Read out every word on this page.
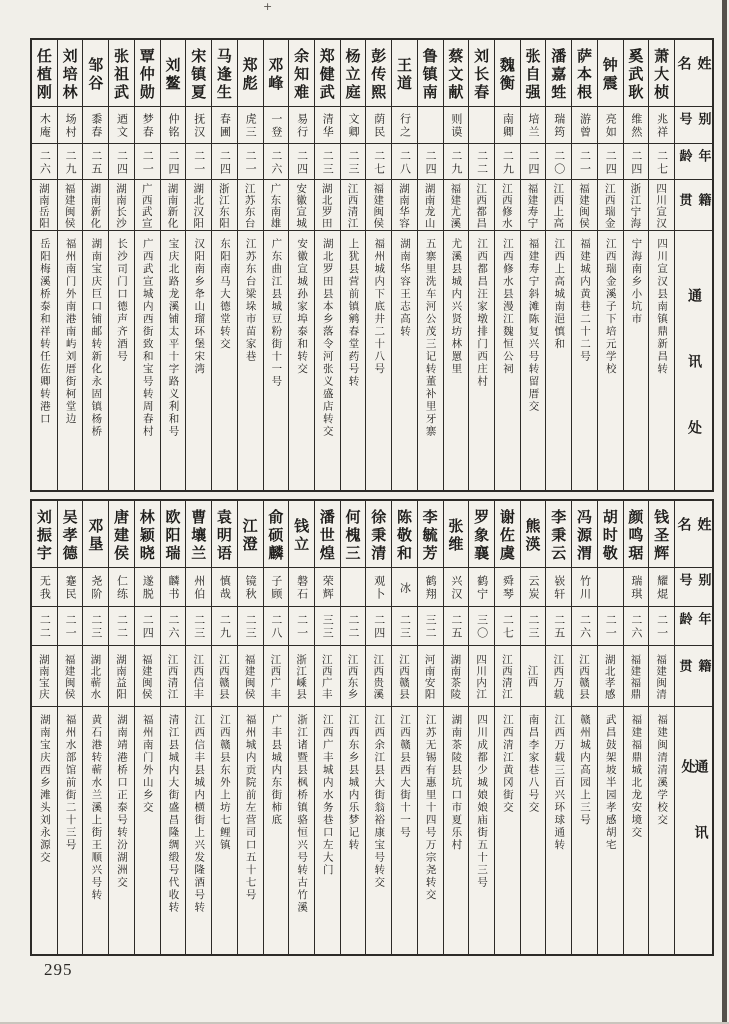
+
姓名
别号
年龄
籍贯
通讯处
萧大桢
兆祥
二七
四川宣汉
四川宣汉县南镇鼎新昌转
奚武耿
维然
二四
浙江宁海
宁海南乡小坑市
钟震
亮如
二四
江西瑞金
江西瑞金溪子下培元学校
萨本根
游曾
二一
福建闽侯
福建城内黄巷二十二号
潘嘉甡
瑞筠
二〇
江西上高
江西上高城南浥慎和
张自强
培兰
二四
福建寿宁
福建寿宁斜滩陈复兴号转留厝交
魏衡
南卿
二九
江西修水
江西修水县漫江魏恒公祠
刘长春
二二
江西都昌
江西都昌汪家墩排门西庄村
蔡文献
则谟
二九
福建尤溪
尤溪县城内兴贤坊林罳里
鲁镇南
二四
湖南龙山
五寨里洗车河公茂三记转董补里牙寨
王道
行之
二八
湖南华容
湖南华容王志高转
彭传熙
荫民
二七
福建闽侯
福州城内下底井二十八号
杨立庭
文卿
二三
江西清江
上犹县营前镇鹓春堂药号转
郑健武
清华
二三
湖北罗田
湖北罗田县本乡落令河张义盛店转交
余知难
易行
二四
安徽宣城
安徽宣城孙家埠泰和转交
邓峰
一登
二六
广东南雄
广东曲江县城豆粉街十一号
郑彪
虎三
二一
江苏东台
江苏东台梁垛市苗家巷
马逢生
春圃
二四
浙江东阳
东阳南马大德堂转交
宋镇夏
抚汉
二一
湖北汉阳
汉阳南乡夅山瑠环堡宋湾
刘鳌
仲铭
二四
湖南新化
宝庆北路龙溪铺太平十字路义利和号
覃仲勋
梦春
二一
广西武宣
广西武宣城内西街致和宝号转周春村
张祖武
迺文
二四
湖南长沙
长沙司门口德声齐酒号
邹谷
黍春
二五
湖南新化
湖南宝庆巨口铺邮转新化永固镇杨桥
刘培林
场村
二九
福建闽侯
福州南门外南港南屿刘厝街柯堂边
任植刚
木庵
二六
湖南岳阳
岳阳梅溪桥泰和祥转任佐卿转港口
姓名
别号
年龄
籍贯
通讯处
钱圣辉
耀焜
二一
福建闽清
福建闽清清溪学校交
颜鸣琚
瑞琪
二六
福建福鼎
福建福鼎城北龙安境交
胡时敬
二一
湖北孝感
武昌鼓架坡半园孝感胡宅
冯源渭
竹川
二六
江西赣县
赣州城内高园上三号
李秉云
嵚轩
二五
江西万载
江西万载三百兴环球通转
熊渶
云炭
二三
江西
南昌李家巷八号交
谢佐虞
舜琴
二七
江西清江
江西清江黄冈街交
罗象襄
鹤宁
三〇
四川内江
四川成都少城娘娘庙街五十三号
张维
兴汉
二五
湖南茶陵
湖南茶陵县坑口市夏乐村
李毓芳
鹤翔
三二
河南安阳
江苏无锡有惠里十四号万宗尧转交
陈敬和
冰
二三
江西赣县
江西赣县西大街十一号
徐秉清
观卜
二四
江西贵溪
江西余江县大街翁裕康宝号转交
何槐三
二二
江西东乡
江西东乡县城内乐梦记转
潘世煌
荣辉
三三
江西广丰
江西广丰城内水务巷口左大门
钱立
磐石
二一
浙江嵊县
浙江诸暨县枫桥镇骆恒兴号转古竹溪
俞硕麟
子顾
二八
江西广丰
广丰县城内东街柿底
江澄
镜秋
二三
福建闽侯
福州城内贡院前左营司口五十七号
袁明语
慎哉
二九
江西赣县
江西赣县东外上坊七鲤镇
曹壤兰
州伯
二三
江西信丰
江西信丰县城内横街上兴发隆酒号转
欧阳瑞
麟书
二六
江西清江
清江县城内大街盛昌隆绸缎号代收转
林颖晓
遂脱
二四
福建闽侯
福州南门外山乡交
唐建侯
仁练
二二
湖南益阳
湖南靖港桥口正泰号转汾湖洲交
邓垦
尧阶
二三
湖北蕲水
黄石港转蕲水兰溪上街王顺兴号转
吴孝德
蹇民
二一
福建闽侯
福州水部馆前街二十三号
刘振宇
无我
二二
湖南宝庆
湖南宝庆西乡滩头刘永源交
295
